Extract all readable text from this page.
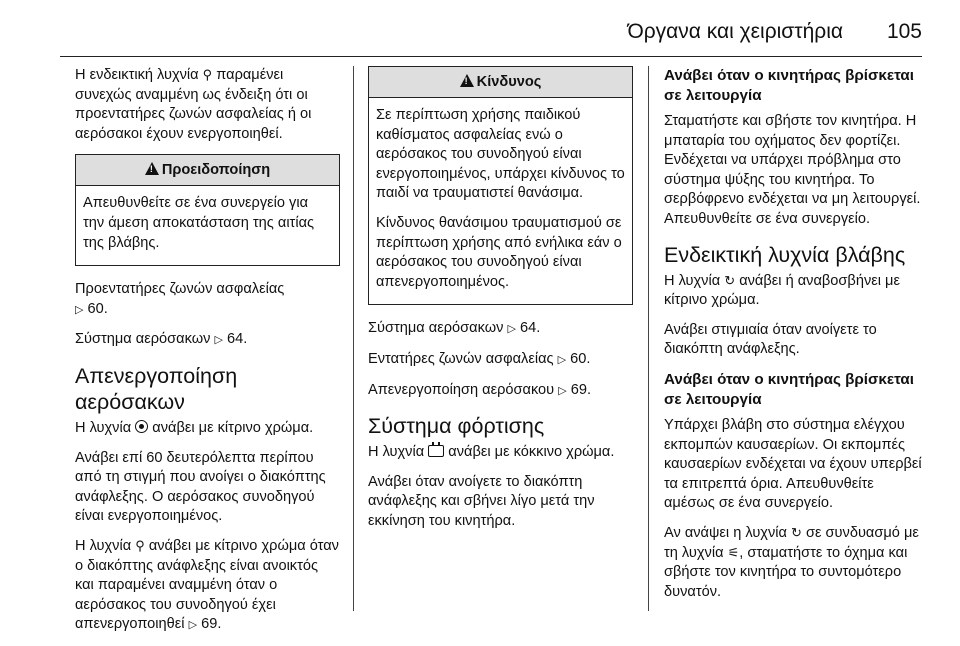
Όργανα και χειριστήρια 105

Η ενδεικτική λυχνία ⚲ παραμένει συνεχώς αναμμένη ως ένδειξη ότι οι προεντατήρες ζωνών ασφαλείας ή οι αερόσακοι έχουν ενεργοποιηθεί.

!Προειδοποίηση

Απευθυνθείτε σε ένα συνεργείο για την άμεση αποκατάσταση της αιτίας της βλάβης.

Προεντατήρες ζωνών ασφαλείας
▷ 60.

Σύστημα αερόσακων ▷ 64.

Απενεργοποίηση αερόσακων

Η λυχνία ανάβει με κίτρινο χρώμα.

Ανάβει επί 60 δευτερόλεπτα περίπου από τη στιγμή που ανοίγει ο διακόπτης ανάφλεξης. Ο αερόσακος συνοδηγού είναι ενεργοποιημένος.

Η λυχνία ⚲ ανάβει με κίτρινο χρώμα όταν ο διακόπτης ανάφλεξης είναι ανοικτός και παραμένει αναμμένη όταν ο αερόσακος του συνοδηγού έχει απενεργοποιηθεί ▷ 69.

!Κίνδυνος

Σε περίπτωση χρήσης παιδικού καθίσματος ασφαλείας ενώ ο αερόσακος του συνοδηγού είναι ενεργοποιημένος, υπάρχει κίνδυνος το παιδί να τραυματιστεί θανάσιμα.

Κίνδυνος θανάσιμου τραυματισμού σε περίπτωση χρήσης από ενήλικα εάν ο αερόσακος του συνοδηγού είναι απενεργοποιημένος.

Σύστημα αερόσακων ▷ 64.

Εντατήρες ζωνών ασφαλείας ▷ 60.

Απενεργοποίηση αερόσακου ▷ 69.

Σύστημα φόρτισης

Η λυχνία ανάβει με κόκκινο χρώμα.

Ανάβει όταν ανοίγετε το διακόπτη ανάφλεξης και σβήνει λίγο μετά την εκκίνηση του κινητήρα.

Ανάβει όταν ο κινητήρας βρίσκεται σε λειτουργία

Σταματήστε και σβήστε τον κινητήρα. Η μπαταρία του οχήματος δεν φορτίζει. Ενδέχεται να υπάρχει πρόβλημα στο σύστημα ψύξης του κινητήρα. Το σερβόφρενο ενδέχεται να μη λειτουργεί. Απευθυνθείτε σε ένα συνεργείο.

Ενδεικτική λυχνία βλάβης

Η λυχνία ↻ ανάβει ή αναβοσβήνει με κίτρινο χρώμα.

Ανάβει στιγμιαία όταν ανοίγετε το διακόπτη ανάφλεξης.

Ανάβει όταν ο κινητήρας βρίσκεται σε λειτουργία

Υπάρχει βλάβη στο σύστημα ελέγχου εκπομπών καυσαερίων. Οι εκπομπές καυσαερίων ενδέχεται να έχουν υπερβεί τα επιτρεπτά όρια. Απευθυνθείτε αμέσως σε ένα συνεργείο.

Αν ανάψει η λυχνία ↻ σε συνδυασμό με τη λυχνία ⚟, σταματήστε το όχημα και σβήστε τον κινητήρα το συντομότερο δυνατόν.
